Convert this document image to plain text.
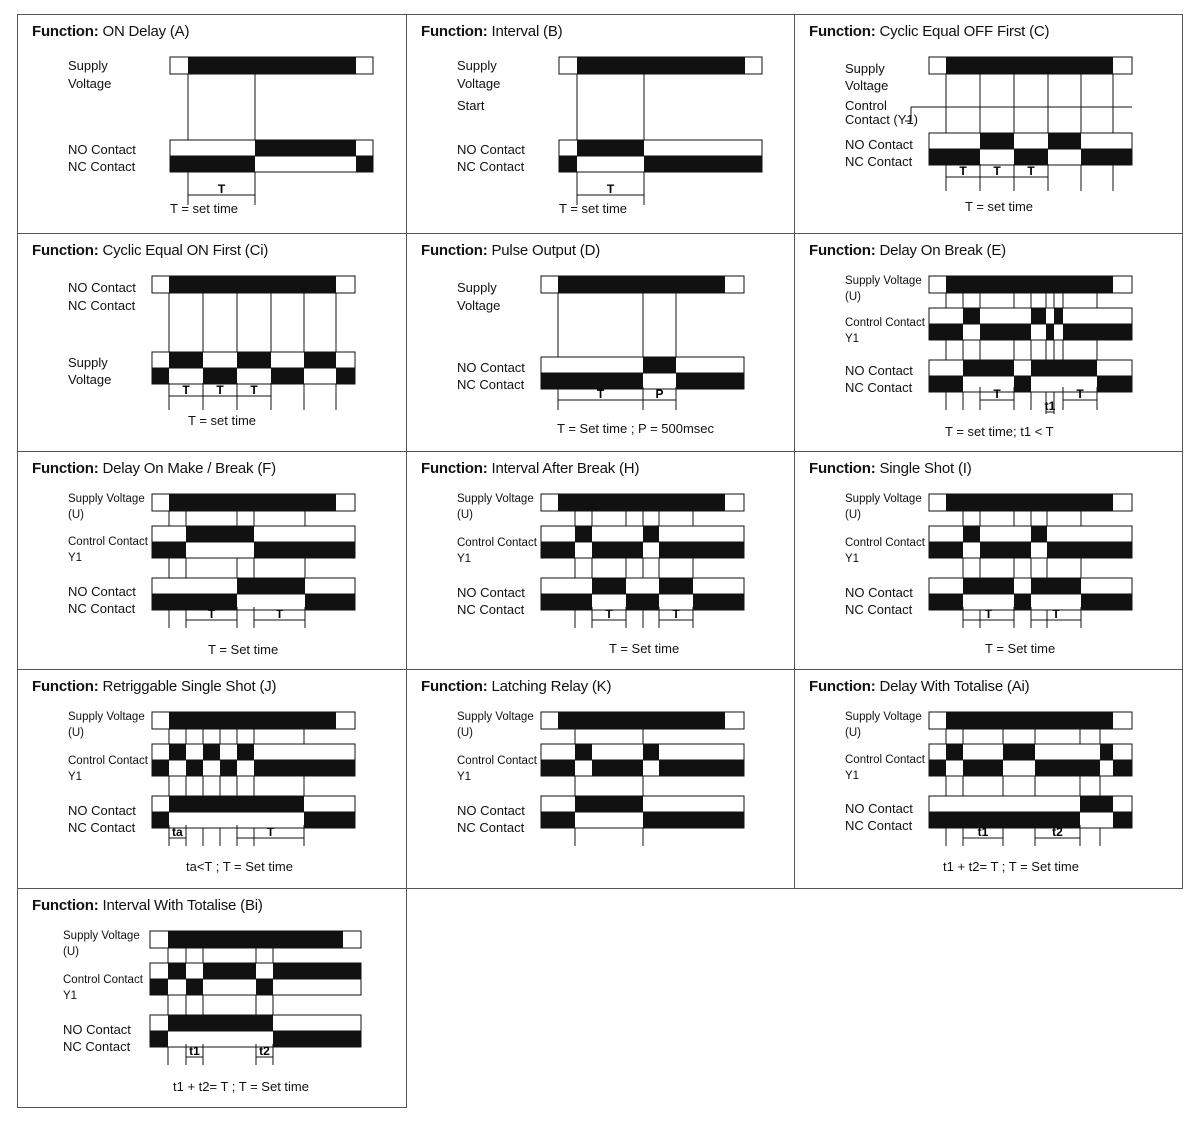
Function: ON Delay (A)
Supply
Voltage
NO Contact
NC Contact
T
T = set time
Function: Interval (B)
Supply
Voltage
Start
NO Contact
NC Contact
T
T = set time
Function: Cyclic Equal OFF First (C)
Supply
Voltage
Control
Contact (Y1)
NO Contact
NC Contact
T T T
T = set time
Function: Cyclic Equal ON First (Ci)
Supply
Voltage
NO Contact
NC Contact
T T T
T = set time
Function: Pulse Output (D)
Supply
Voltage
NO Contact
NC Contact
T	P
T = Set time ; P = 500msec
Function: Delay On Break (E)
Supply Voltage
(U)
Control Contact
Y1
NO Contact
NC Contact	T
t1
T
T = set time; t1 < T
Function: Delay On Make / Break (F)
Supply Voltage
(U)
Control Contact
Y1
NO Contact
NC Contact	T	T
T = Set time
Function: Interval After Break (H)
Supply Voltage
(U)
Control Contact
Y1
NO Contact
NC Contact	T	T
T = Set time
Function: Single Shot (I)
Supply Voltage
(U)
Control Contact
Y1
NO Contact
NC Contact	T	T
T = Set time
Function: Retriggable Single Shot (J)
Supply Voltage
(U)
Control Contact
Y1
NO Contact
NC Contact	ta	T
ta<T ; T = Set time
Function: Latching Relay (K)
Supply Voltage
(U)
Control Contact
Y1
NO Contact
NC Contact
Function: Delay With Totalise (Ai)
Supply Voltage
(U)
Control Contact
Y1
NO Contact
NC Contact	t1	t2
t1 + t2= T ; T = Set time
Function: Interval With Totalise (Bi)
Supply Voltage
(U)
Control Contact
Y1
NO Contact
NC Contact	t1	t2
t1 + t2= T ; T = Set time
